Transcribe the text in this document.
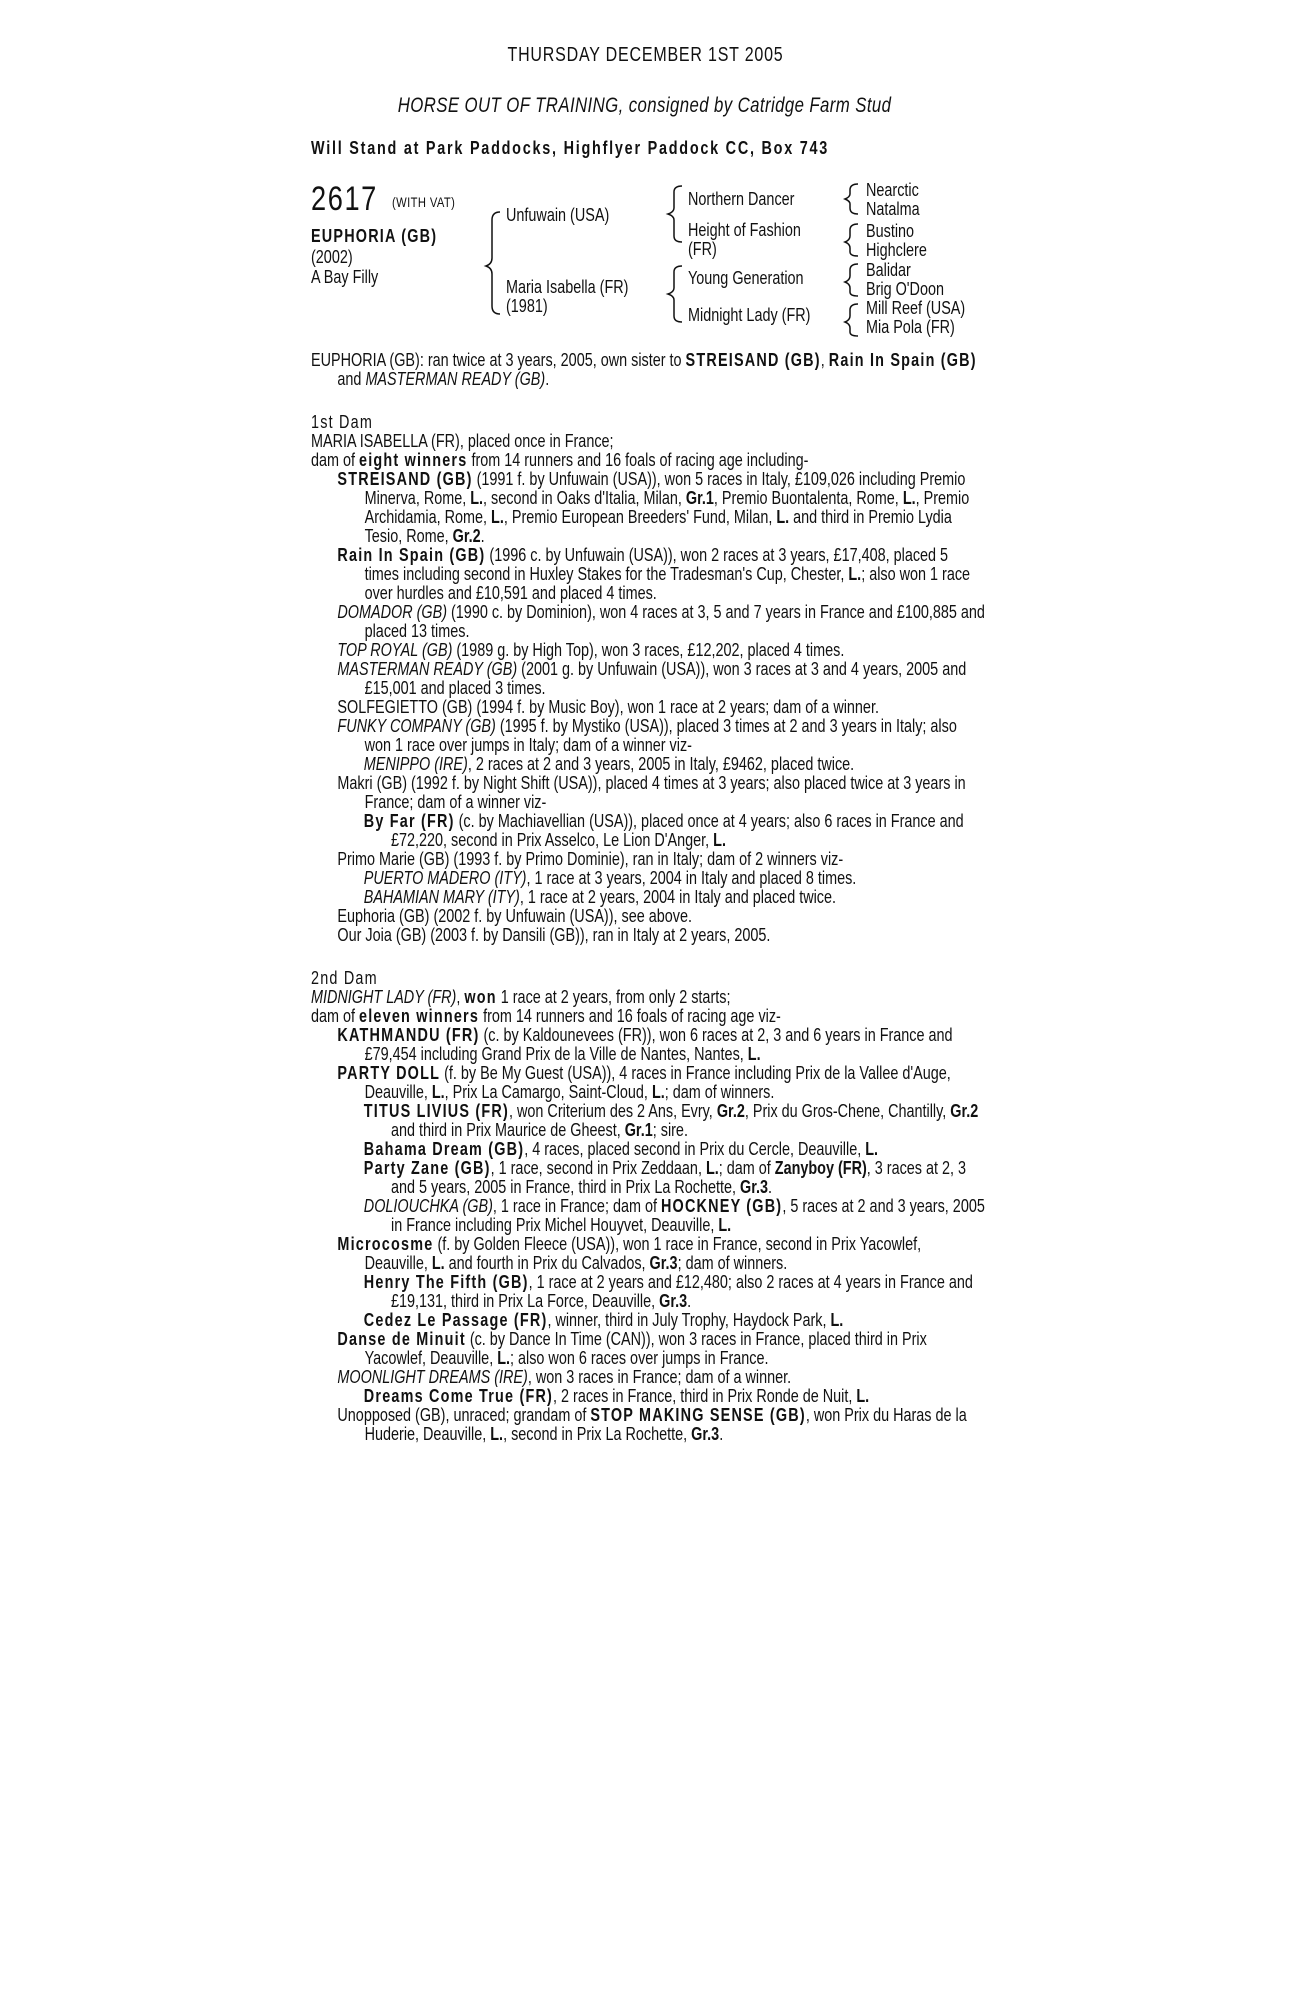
THURSDAY DECEMBER 1ST 2005
HORSE OUT OF TRAINING, consigned by Catridge Farm Stud
Will Stand at Park Paddocks, Highflyer Paddock CC, Box 743
2617	(WITH VAT)
EUPHORIA (GB)
(2002)
A Bay Filly
Unfuwain (USA)
Maria Isabella (FR)
(1981)
Northern Dancer
Height of Fashion
(FR)
Young Generation
Midnight Lady (FR)
Nearctic
Natalma
Bustino
Highclere
Balidar
Brig O'Doon
Mill Reef (USA)
Mia Pola (FR)

EUPHORIA (GB): ran twice at 3 years, 2005, own sister to STREISAND (GB), Rain In Spain (GB) and MASTERMAN READY (GB).

1st Dam

MARIA ISABELLA (FR), placed once in France;

dam of eight winners from 14 runners and 16 foals of racing age including-

STREISAND (GB) (1991 f. by Unfuwain (USA)), won 5 races in Italy, £109,026 including Premio Minerva, Rome, L., second in Oaks d'Italia, Milan, Gr.1, Premio Buontalenta, Rome, L., Premio Archidamia, Rome, L., Premio European Breeders' Fund, Milan, L. and third in Premio Lydia Tesio, Rome, Gr.2.

Rain In Spain (GB) (1996 c. by Unfuwain (USA)), won 2 races at 3 years, £17,408, placed 5 times including second in Huxley Stakes for the Tradesman's Cup, Chester, L.; also won 1 race over hurdles and £10,591 and placed 4 times.

DOMADOR (GB) (1990 c. by Dominion), won 4 races at 3, 5 and 7 years in France and £100,885 and placed 13 times.

TOP ROYAL (GB) (1989 g. by High Top), won 3 races, £12,202, placed 4 times.

MASTERMAN READY (GB) (2001 g. by Unfuwain (USA)), won 3 races at 3 and 4 years, 2005 and £15,001 and placed 3 times.

SOLFEGIETTO (GB) (1994 f. by Music Boy), won 1 race at 2 years; dam of a winner.

FUNKY COMPANY (GB) (1995 f. by Mystiko (USA)), placed 3 times at 2 and 3 years in Italy; also won 1 race over jumps in Italy; dam of a winner viz-

MENIPPO (IRE), 2 races at 2 and 3 years, 2005 in Italy, £9462, placed twice.

Makri (GB) (1992 f. by Night Shift (USA)), placed 4 times at 3 years; also placed twice at 3 years in France; dam of a winner viz-

By Far (FR) (c. by Machiavellian (USA)), placed once at 4 years; also 6 races in France and £72,220, second in Prix Asselco, Le Lion D'Anger, L.

Primo Marie (GB) (1993 f. by Primo Dominie), ran in Italy; dam of 2 winners viz-

PUERTO MADERO (ITY), 1 race at 3 years, 2004 in Italy and placed 8 times.

BAHAMIAN MARY (ITY), 1 race at 2 years, 2004 in Italy and placed twice.

Euphoria (GB) (2002 f. by Unfuwain (USA)), see above.

Our Joia (GB) (2003 f. by Dansili (GB)), ran in Italy at 2 years, 2005.

2nd Dam

MIDNIGHT LADY (FR), won 1 race at 2 years, from only 2 starts;

dam of eleven winners from 14 runners and 16 foals of racing age viz-

KATHMANDU (FR) (c. by Kaldounevees (FR)), won 6 races at 2, 3 and 6 years in France and £79,454 including Grand Prix de la Ville de Nantes, Nantes, L.

PARTY DOLL (f. by Be My Guest (USA)), 4 races in France including Prix de la Vallee d'Auge, Deauville, L., Prix La Camargo, Saint-Cloud, L.; dam of winners.

TITUS LIVIUS (FR), won Criterium des 2 Ans, Evry, Gr.2, Prix du Gros-Chene, Chantilly, Gr.2 and third in Prix Maurice de Gheest, Gr.1; sire.

Bahama Dream (GB), 4 races, placed second in Prix du Cercle, Deauville, L.

Party Zane (GB), 1 race, second in Prix Zeddaan, L.; dam of Zanyboy (FR), 3 races at 2, 3 and 5 years, 2005 in France, third in Prix La Rochette, Gr.3.

DOLIOUCHKA (GB), 1 race in France; dam of HOCKNEY (GB), 5 races at 2 and 3 years, 2005 in France including Prix Michel Houyvet, Deauville, L.

Microcosme (f. by Golden Fleece (USA)), won 1 race in France, second in Prix Yacowlef, Deauville, L. and fourth in Prix du Calvados, Gr.3; dam of winners.

Henry The Fifth (GB), 1 race at 2 years and £12,480; also 2 races at 4 years in France and £19,131, third in Prix La Force, Deauville, Gr.3.

Cedez Le Passage (FR), winner, third in July Trophy, Haydock Park, L.

Danse de Minuit (c. by Dance In Time (CAN)), won 3 races in France, placed third in Prix Yacowlef, Deauville, L.; also won 6 races over jumps in France.

MOONLIGHT DREAMS (IRE), won 3 races in France; dam of a winner.

Dreams Come True (FR), 2 races in France, third in Prix Ronde de Nuit, L.

Unopposed (GB), unraced; grandam of STOP MAKING SENSE (GB), won Prix du Haras de la Huderie, Deauville, L., second in Prix La Rochette, Gr.3.
